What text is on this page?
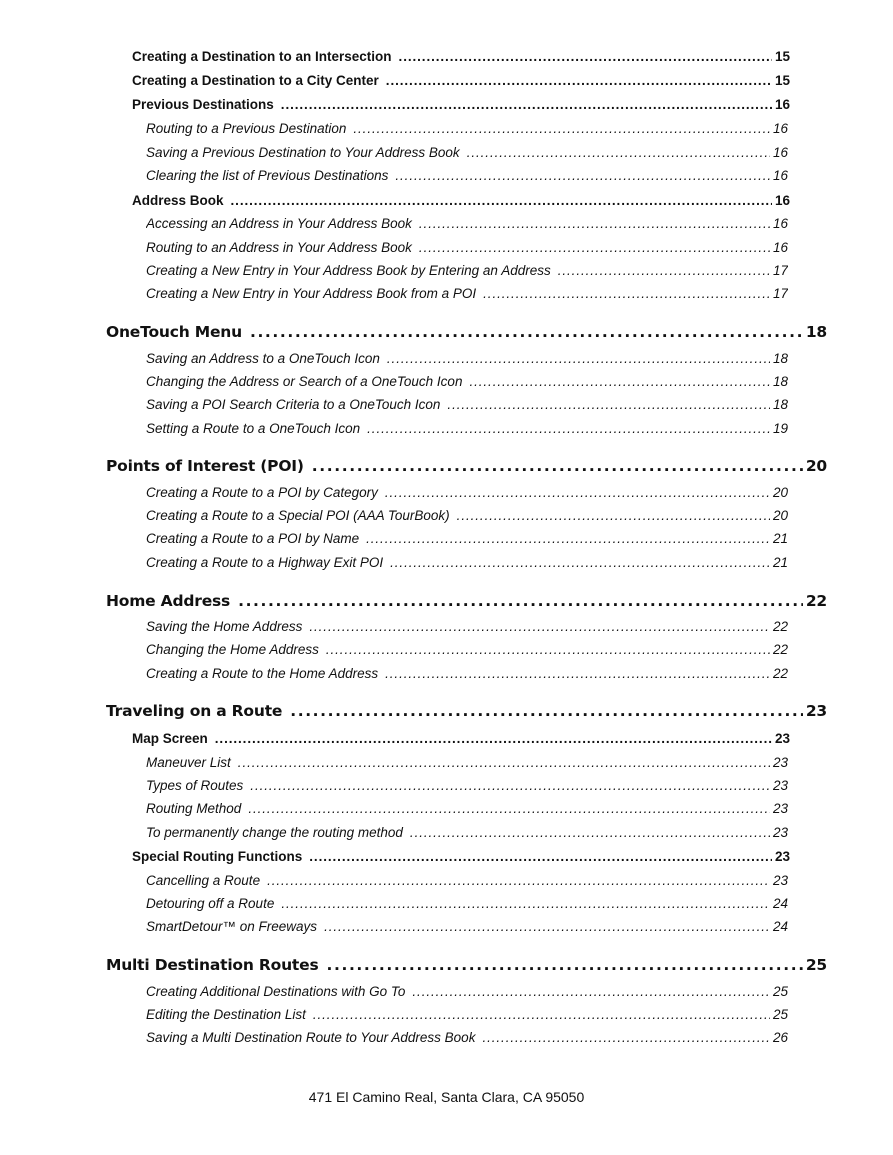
Creating a Destination to an Intersection .....	15
Creating a Destination to a City Center .....	15
Previous Destinations .....	16
Routing to a Previous Destination .....	16
Saving a Previous Destination to Your Address Book .....	16
Clearing the list of Previous Destinations .....	16
Address Book .....	16
Accessing an Address in Your Address Book .....	16
Routing to an Address in Your Address Book .....	16
Creating a New Entry in Your Address Book by Entering an Address .....	17
Creating a New Entry in Your Address Book from a POI .....	17
OneTouch Menu .....	18
Saving an Address to a OneTouch Icon .....	18
Changing the Address or Search of a OneTouch Icon .....	18
Saving a POI Search Criteria to a OneTouch Icon .....	18
Setting a Route to a OneTouch Icon .....	19
Points of Interest (POI) .....	20
Creating a Route to a POI by Category .....	20
Creating a Route to a Special POI (AAA TourBook) .....	20
Creating a Route to a POI by Name .....	21
Creating a Route to a Highway Exit POI .....	21
Home Address .....	22
Saving the Home Address .....	22
Changing the Home Address .....	22
Creating a Route to the Home Address .....	22
Traveling on a Route .....	23
Map Screen .....	23
Maneuver List .....	23
Types of Routes .....	23
Routing Method .....	23
To permanently change the routing method .....	23
Special Routing Functions .....	23
Cancelling a Route .....	23
Detouring off a Route .....	24
SmartDetour™ on Freeways .....	24
Multi Destination Routes .....	25
Creating Additional Destinations with Go To .....	25
Editing the Destination List .....	25
Saving a Multi Destination Route to Your Address Book .....	26
471 El Camino Real, Santa Clara, CA 95050
